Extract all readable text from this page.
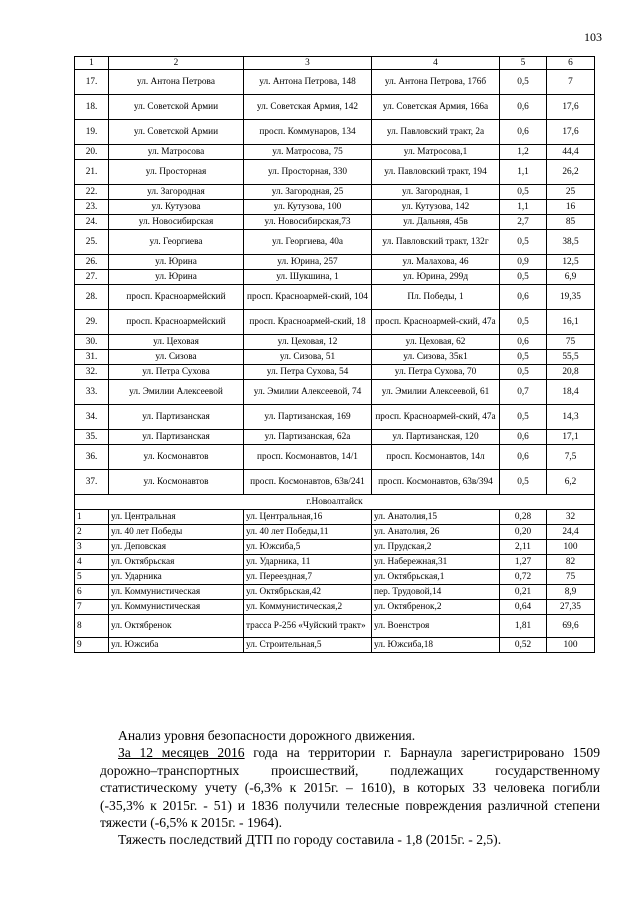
103
1	2	3	4	5	6
17.	ул. Антона Петрова	ул. Антона Петрова, 148	ул. Антона Петрова, 176б	0,5	7
18.	ул. Советской Армии	ул. Советская Армия, 142	ул. Советская Армия, 166а	0,6	17,6
19.	ул. Советской Армии	просп. Коммунаров, 134	ул. Павловский тракт, 2а	0,6	17,6
20.	ул. Матросова	ул. Матросова, 75	ул. Матросова,1	1,2	44,4
21.	ул. Просторная	ул. Просторная, 330	ул. Павловский тракт, 194	1,1	26,2
22.	ул. Загородная	ул. Загородная, 25	ул. Загородная, 1	0,5	25
23.	ул. Кутузова	ул. Кутузова, 100	ул. Кутузова, 142	1,1	16
24.	ул. Новосибирская	ул. Новосибирская,73	ул. Дальняя, 45в	2,7	85
25.	ул. Георгиева	ул. Георгиева, 40а	ул. Павловский тракт, 132г	0,5	38,5
26.	ул. Юрина	ул. Юрина, 257	ул. Малахова, 46	0,9	12,5
27.	ул. Юрина	ул. Шукшина, 1	ул. Юрина, 299д	0,5	6,9
28.	просп. Красноармейский	просп. Красноармей-ский, 104	Пл. Победы, 1	0,6	19,35
29.	просп. Красноармейский	просп. Красноармей-ский, 18	просп. Красноармей-ский, 47а	0,5	16,1
30.	ул. Цеховая	ул. Цеховая, 12	ул. Цеховая, 62	0,6	75
31.	ул. Сизова	ул. Сизова, 51	ул. Сизова, 35к1	0,5	55,5
32.	ул. Петра Сухова	ул. Петра Сухова, 54	ул. Петра Сухова, 70	0,5	20,8
33.	ул. Эмилии Алексеевой	ул. Эмилии Алексеевой, 74	ул. Эмилии Алексеевой, 61	0,7	18,4
34.	ул. Партизанская	ул. Партизанская, 169	просп. Красноармей-ский, 47а	0,5	14,3
35.	ул. Партизанская	ул. Партизанская, 62а	ул. Партизанская, 120	0,6	17,1
36.	ул. Космонавтов	просп. Космонавтов, 14/1	просп. Космонавтов, 14л	0,6	7,5
37.	ул. Космонавтов	просп. Космонавтов, 63в/241	просп. Космонавтов, 63в/394	0,5	6,2
г.Новоалтайск					
1	ул. Центральная	ул. Центральная,16	ул. Анатолия,15	0,28	32
2	ул. 40 лет Победы	ул. 40 лет Победы,11	ул. Анатолия, 26	0,20	24,4
3	ул. Деповская	ул. Южсиба,5	ул. Прудская,2	2,11	100
4	ул. Октябрьская	ул. Ударника, 11	ул. Набережная,31	1,27	82
5	ул. Ударника	ул. Переездная,7	ул. Октябрьская,1	0,72	75
6	ул. Коммунистическая	ул. Октябрьская,42	пер. Трудовой,14	0,21	8,9
7	ул. Коммунистическая	ул. Коммунистическая,2	ул. Октябренок,2	0,64	27,35
8	ул. Октябренок	трасса Р-256 «Чуйский тракт»	ул. Военстроя	1,81	69,6
9	ул. Южсиба	ул. Строительная,5	ул. Южсиба,18	0,52	100

Анализ уровня безопасности дорожного движения.

За 12 месяцев 2016 года на территории г. Барнаула зарегистрировано 1509 дорожно–транспортных происшествий, подлежащих государственному статистическому учету (-6,3% к 2015г. – 1610), в которых 33 человека погибли (-35,3% к 2015г. - 51) и 1836 получили телесные повреждения различной степени тяжести (-6,5% к 2015г. - 1964).

Тяжесть последствий ДТП по городу составила - 1,8 (2015г. - 2,5).
